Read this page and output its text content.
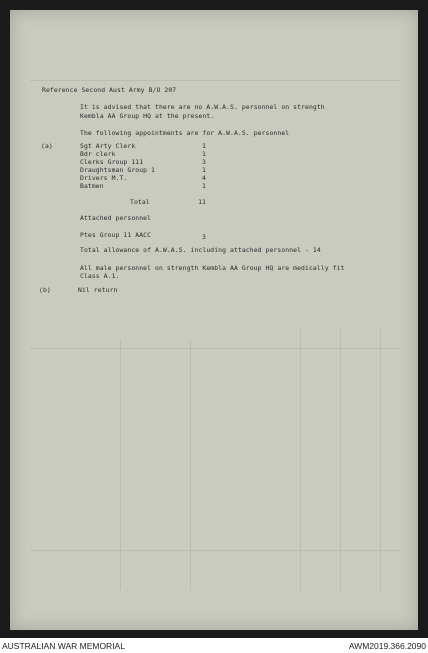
Reference Second Aust Army B/O 207
It is advised that there are no A.W.A.S. personnel on strength
Kembla AA Group HQ at the present.
The following appointments are for A.W.A.S. personnel
(a)	Sgt Arty Clerk	1
Bdr clerk	1
Clerks Group 111	3
Draughtsman Group 1	1
Drivers M.T.	4
Batmen	1
Total	11
Attached personnel
Ptes Group 11 AACC	3
Total allowance of A.W.A.S. including attached personnel - 14
All male personnel on strength Kembla AA Group HQ are medically fit
Class A.1.
(b)	Nil return
AUSTRALIAN WAR MEMORIAL	AWM2019.366.2090
